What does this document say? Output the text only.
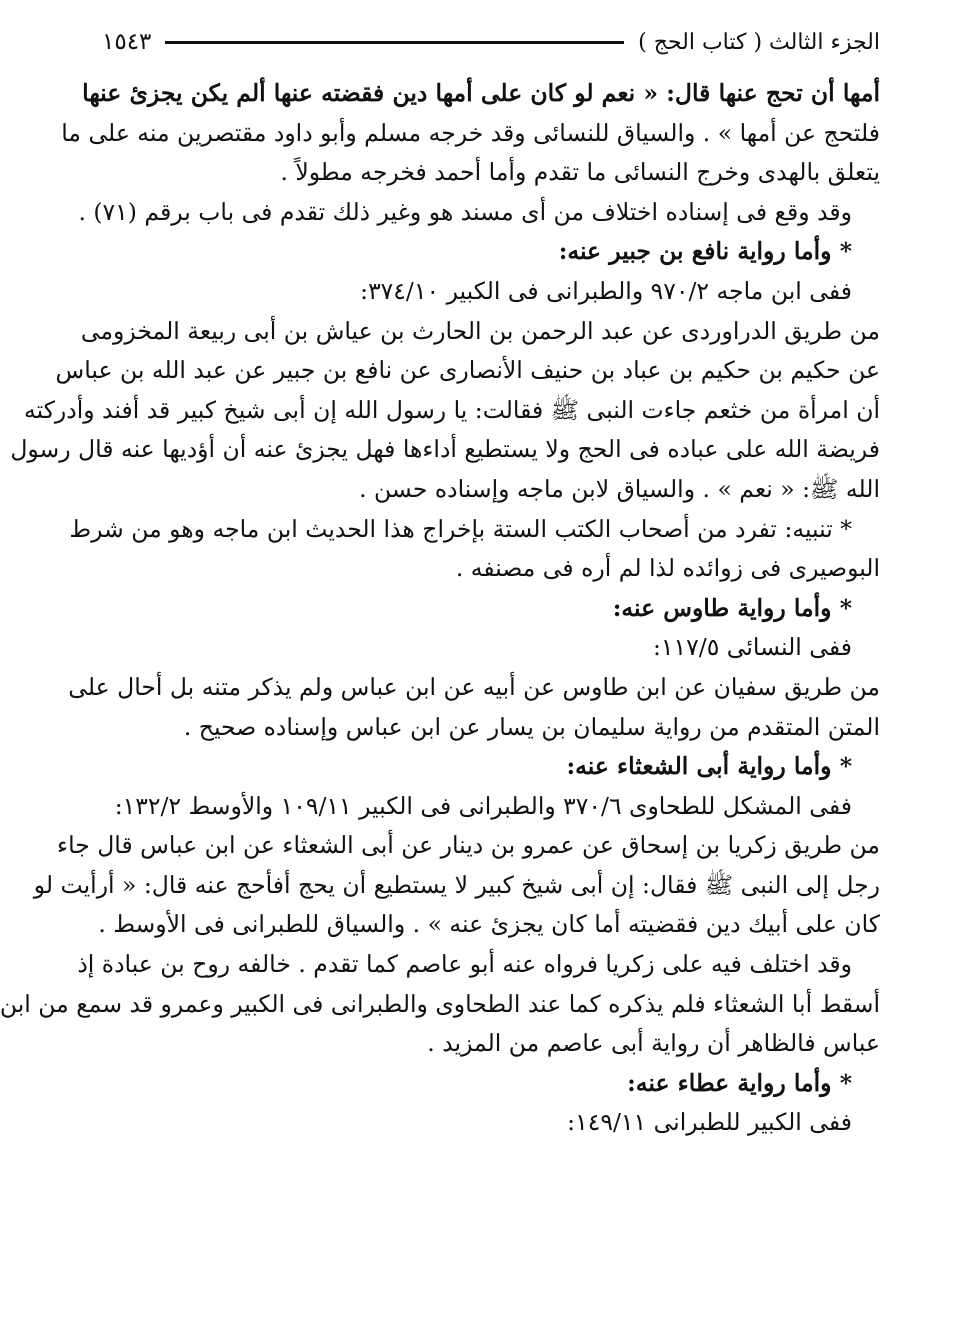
الجزء الثالث ( كتاب الحج )
١٥٤٣
أمها أن تحج عنها قال: « نعم لو كان على أمها دين فقضته عنها ألم يكن يجزئ عنها
فلتحج عن أمها » . والسياق للنسائى وقد خرجه مسلم وأبو داود مقتصرين منه على ما
يتعلق بالهدى وخرج النسائى ما تقدم وأما أحمد فخرجه مطولاً .
وقد وقع فى إسناده اختلاف من أى مسند هو وغير ذلك تقدم فى باب برقم (٧١) .
* وأما رواية نافع بن جبير عنه:
ففى ابن ماجه ٩٧٠/٢ والطبرانى فى الكبير ٣٧٤/١٠:
من طريق الدراوردى عن عبد الرحمن بن الحارث بن عياش بن أبى ربيعة المخزومى
عن حكيم بن حكيم بن عباد بن حنيف الأنصارى عن نافع بن جبير عن عبد الله بن عباس
أن امرأة من خثعم جاءت النبى ﷺ فقالت: يا رسول الله إن أبى شيخ كبير قد أفند وأدركته
فريضة الله على عباده فى الحج ولا يستطيع أداءها فهل يجزئ عنه أن أؤديها عنه قال رسول
الله ﷺ: « نعم » . والسياق لابن ماجه وإسناده حسن .
* تنبيه: تفرد من أصحاب الكتب الستة بإخراج هذا الحديث ابن ماجه وهو من شرط
البوصيرى فى زوائده لذا لم أره فى مصنفه .
* وأما رواية طاوس عنه:
ففى النسائى ١١٧/٥:
من طريق سفيان عن ابن طاوس عن أبيه عن ابن عباس ولم يذكر متنه بل أحال على
المتن المتقدم من رواية سليمان بن يسار عن ابن عباس وإسناده صحيح .
* وأما رواية أبى الشعثاء عنه:
ففى المشكل للطحاوى ٣٧٠/٦ والطبرانى فى الكبير ١٠٩/١١ والأوسط ١٣٢/٢:
من طريق زكريا بن إسحاق عن عمرو بن دينار عن أبى الشعثاء عن ابن عباس قال جاء
رجل إلى النبى ﷺ فقال: إن أبى شيخ كبير لا يستطيع أن يحج أفأحج عنه قال: « أرأيت لو
كان على أبيك دين فقضيته أما كان يجزئ عنه » . والسياق للطبرانى فى الأوسط .
وقد اختلف فيه على زكريا فرواه عنه أبو عاصم كما تقدم . خالفه روح بن عبادة إذ
أسقط أبا الشعثاء فلم يذكره كما عند الطحاوى والطبرانى فى الكبير وعمرو قد سمع من ابن
عباس فالظاهر أن رواية أبى عاصم من المزيد .
* وأما رواية عطاء عنه:
ففى الكبير للطبرانى ١٤٩/١١:
